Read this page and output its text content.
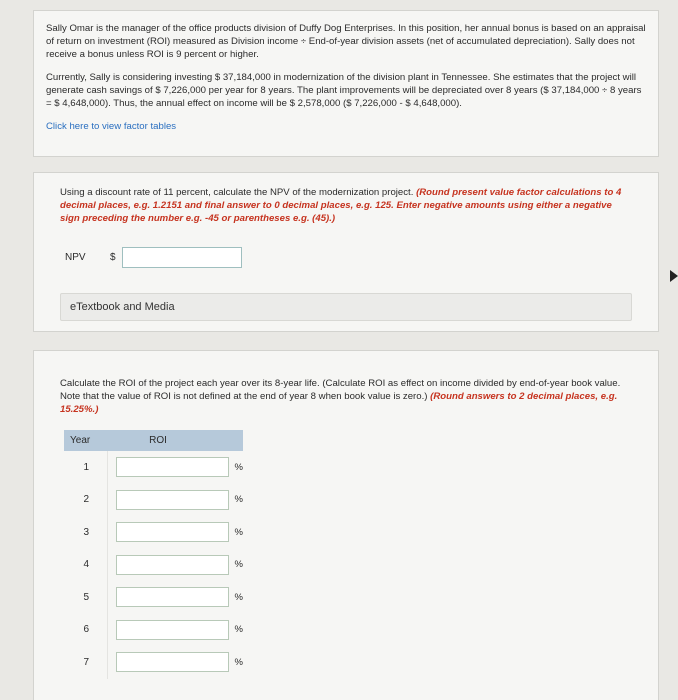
Sally Omar is the manager of the office products division of Duffy Dog Enterprises. In this position, her annual bonus is based on an appraisal of return on investment (ROI) measured as Division income ÷ End-of-year division assets (net of accumulated depreciation). Sally does not receive a bonus unless ROI is 9 percent or higher.

Currently, Sally is considering investing $ 37,184,000 in modernization of the division plant in Tennessee. She estimates that the project will generate cash savings of $ 7,226,000 per year for 8 years. The plant improvements will be depreciated over 8 years ($ 37,184,000 ÷ 8 years = $ 4,648,000). Thus, the annual effect on income will be $ 2,578,000 ($ 7,226,000 - $ 4,648,000).

Click here to view factor tables

Using a discount rate of 11 percent, calculate the NPV of the modernization project. (Round present value factor calculations to 4 decimal places, e.g. 1.2151 and final answer to 0 decimal places, e.g. 125. Enter negative amounts using either a negative sign preceding the number e.g. -45 or parentheses e.g. (45).)
NPV	$
eTextbook and Media
Calculate the ROI of the project each year over its 8-year life. (Calculate ROI as effect on income divided by end-of-year book value. Note that the value of ROI is not defined at the end of year 8 when book value is zero.) (Round answers to 2 decimal places, e.g. 15.25%.)
Year	ROI
1	%

2	%

3	%

4	%

5	%

6	%

7	%
